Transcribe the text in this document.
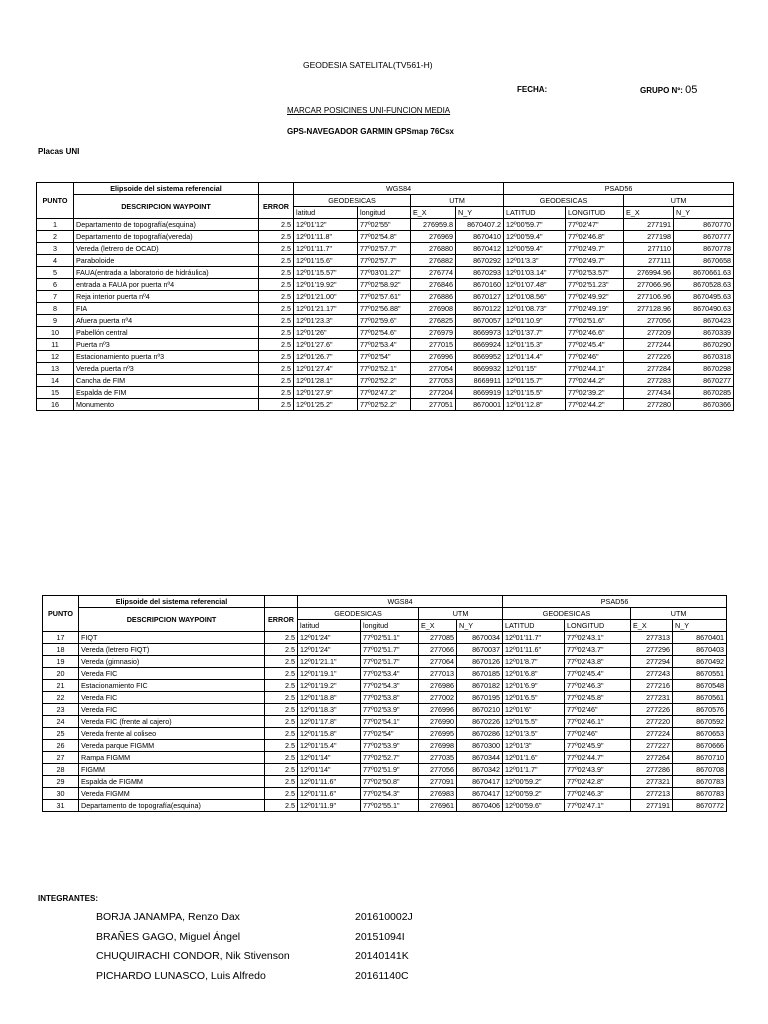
GEODESIA SATELITAL(TV561-H)
FECHA:	GRUPO Nº: 05
MARCAR POSICINES UNI-FUNCION MEDIA
GPS-NAVEGADOR GARMIN GPSmap 76Csx
Placas UNI
PUNTO	Elipsoide del sistema referencial		WGS84				PSAD56			
	DESCRIPCION WAYPOINT	ERROR	GEODESICAS		UTM		GEODESICAS		UTM	
			latitud	longitud	E_X	N_Y	LATITUD	LONGITUD	E_X	N_Y
1	Departamento de topografía(esquina)	2.5	12º01'12"	77º02'55"	276959.8	8670407.2	12º00'59.7"	77º02'47"	277191	8670770
2	Departamento de topografía(vereda)	2.5	12º01'11.8"	77º02'54.8"	276969	8670410	12º00'59.4"	77º02'46.8"	277198	8670777
3	Vereda (letrero de OCAD)	2.5	12º01'11.7"	77º02'57.7"	276880	8670412	12º00'59.4"	77º02'49.7"	277110	8670778
4	Paraboloide	2.5	12º01'15.6"	77º02'57.7"	276882	8670292	12º01'3.3"	77º02'49.7"	277111	8670658
5	FAUA(entrada a laboratorio de hidráulica)	2.5	12º01'15.57"	77º03'01.27"	276774	8670293	12º01'03.14"	77º02'53.57"	276994.96	8670661.63
6	entrada a FAUA por puerta nº4	2.5	12º01'19.92"	77º02'58.92"	276846	8670160	12º01'07.48"	77º02'51.23"	277066.96	8670528.63
7	Reja interior puerta nº4	2.5	12º01'21.00"	77º02'57.61"	276886	8670127	12º01'08.56"	77º02'49.92"	277106.96	8670495.63
8	FIA	2.5	12º01'21.17"	77º02'56.88"	276908	8670122	12º01'08.73"	77º02'49.19"	277128.96	8670490.63
9	Afuera puerta nº4	2.5	12º01'23.3"	77º02'59.6"	276825	8670057	12º01'10.9"	77º02'51.6"	277056	8670423
10	Pabellón central	2.5	12º01'26"	77º02'54.6"	276979	8669973	12º01'37.7"	77º02'46.6"	277209	8670339
11	Puerta nº3	2.5	12º01'27.6"	77º02'53.4"	277015	8669924	12º01'15.3"	77º02'45.4"	277244	8670290
12	Estacionamiento puerta nº3	2.5	12º01'26.7"	77º02'54"	276996	8669952	12º01'14.4"	77º02'46"	277226	8670318
13	Vereda puerta nº3	2.5	12º01'27.4"	77º02'52.1"	277054	8669932	12º01'15"	77º02'44.1"	277284	8670298
14	Cancha de FIM	2.5	12º01'28.1"	77º02'52.2"	277053	8669911	12º01'15.7"	77º02'44.2"	277283	8670277
15	Espalda de FIM	2.5	12º01'27.9"	77º02'47.2"	277204	8669919	12º01'15.5"	77º02'39.2"	277434	8670285
16	Monumento	2.5	12º01'25.2"	77º02'52.2"	277051	8670001	12º01'12.8"	77º02'44.2"	277280	8670366
PUNTO	Elipsoide del sistema referencial		WGS84				PSAD56			
	DESCRIPCION WAYPOINT	ERROR	GEODESICAS		UTM		GEODESICAS		UTM	
			latitud	longitud	E_X	N_Y	LATITUD	LONGITUD	E_X	N_Y
17	FIQT	2.5	12º01'24"	77º02'51.1"	277085	8670034	12º01'11.7"	77º02'43.1"	277313	8670401
18	Vereda (letrero FIQT)	2.5	12º01'24"	77º02'51.7"	277066	8670037	12º01'11.6"	77º02'43.7"	277296	8670403
19	Vereda (gimnasio)	2.5	12º01'21.1"	77º02'51.7"	277064	8670126	12º01'8.7"	77º02'43.8"	277294	8670492
20	Vereda FIC	2.5	12º01'19.1"	77º02'53.4"	277013	8670185	12º01'6.8"	77º02'45.4"	277243	8670551
21	Estacionamiento FIC	2.5	12º01'19.2"	77º02'54.3"	276986	8670182	12º01'6.9"	77º02'46.3"	277216	8670548
22	Vereda FIC	2.5	12º01'18.8"	77º02'53.8"	277002	8670195	12º01'6.5"	77º02'45.8"	277231	8670561
23	Vereda FIC	2.5	12º01'18.3"	77º02'53.9"	276996	8670210	12º01'6"	77º02'46"	277226	8670576
24	Vereda FIC (frente al cajero)	2.5	12º01'17.8"	77º02'54.1"	276990	8670226	12º01'5.5"	77º02'46.1"	277220	8670592
25	Vereda frente al coliseo	2.5	12º01'15.8"	77º02'54"	276995	8670286	12º01'3.5"	77º02'46"	277224	8670653
26	Vereda parque FIGMM	2.5	12º01'15.4"	77º02'53.9"	276998	8670300	12º01'3"	77º02'45.9"	277227	8670666
27	Rampa FIGMM	2.5	12º01'14"	77º02'52.7"	277035	8670344	12º01'1.6"	77º02'44.7"	277264	8670710
28	FIGMM	2.5	12º01'14"	77º02'51.9"	277056	8670342	12º01'1.7"	77º02'43.9"	277286	8670708
29	Espalda de FIGMM	2.5	12º01'11.6"	77º02'50.8"	277091	8670417	12º00'59.2"	77º02'42.8"	277321	8670783
30	Vereda FIGMM	2.5	12º01'11.6"	77º02'54.3"	276983	8670417	12º00'59.2"	77º02'46.3"	277213	8670783
31	Departamento de topografía(esquina)	2.5	12º01'11.9"	77º02'55.1"	276961	8670406	12º00'59.6"	77º02'47.1"	277191	8670772
INTEGRANTES:
BORJA JANAMPA, Renzo Dax	201610002J
BRAÑES GAGO, Miguel Ángel	20151094I
CHUQUIRACHI CONDOR, Nik Stivenson	20140141K
PICHARDO LUNASCO, Luis Alfredo	20161140C
